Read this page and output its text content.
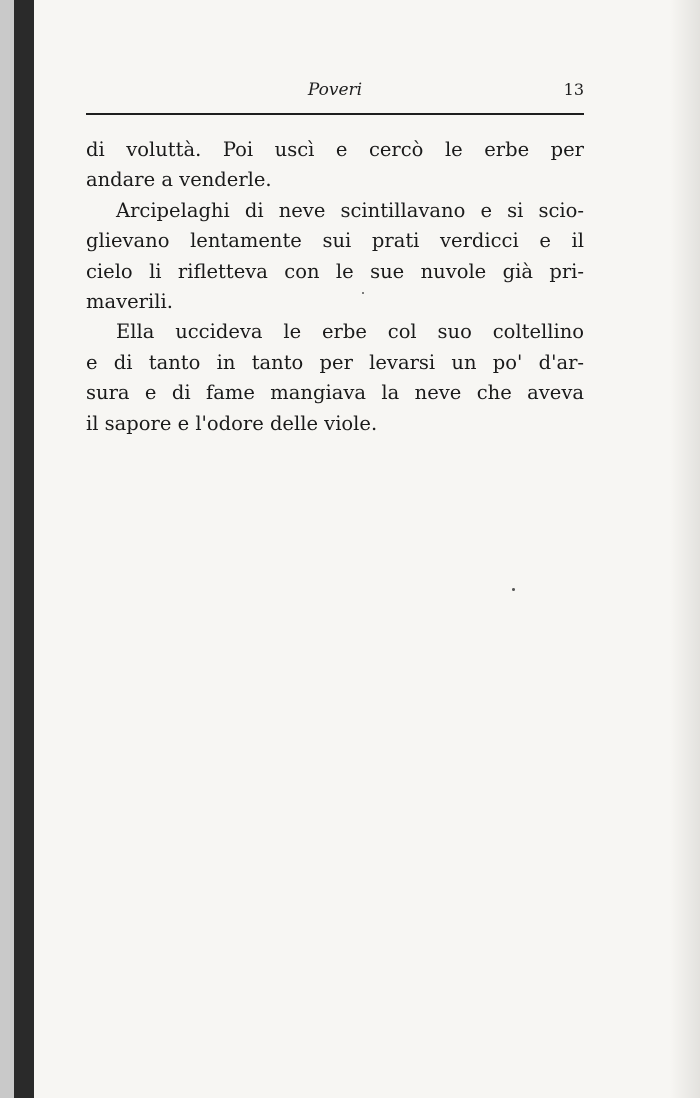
Poveri	13
di voluttà. Poi uscì e cercò le erbe per
andare a venderle.
Arcipelaghi di neve scintillavano e si scio-
glievano lentamente sui prati verdicci e il
cielo li rifletteva con le sue nuvole già pri-
maverili.
Ella uccideva le erbe col suo coltellino
e di tanto in tanto per levarsi un po' d'ar-
sura e di fame mangiava la neve che aveva
il sapore e l'odore delle viole.
